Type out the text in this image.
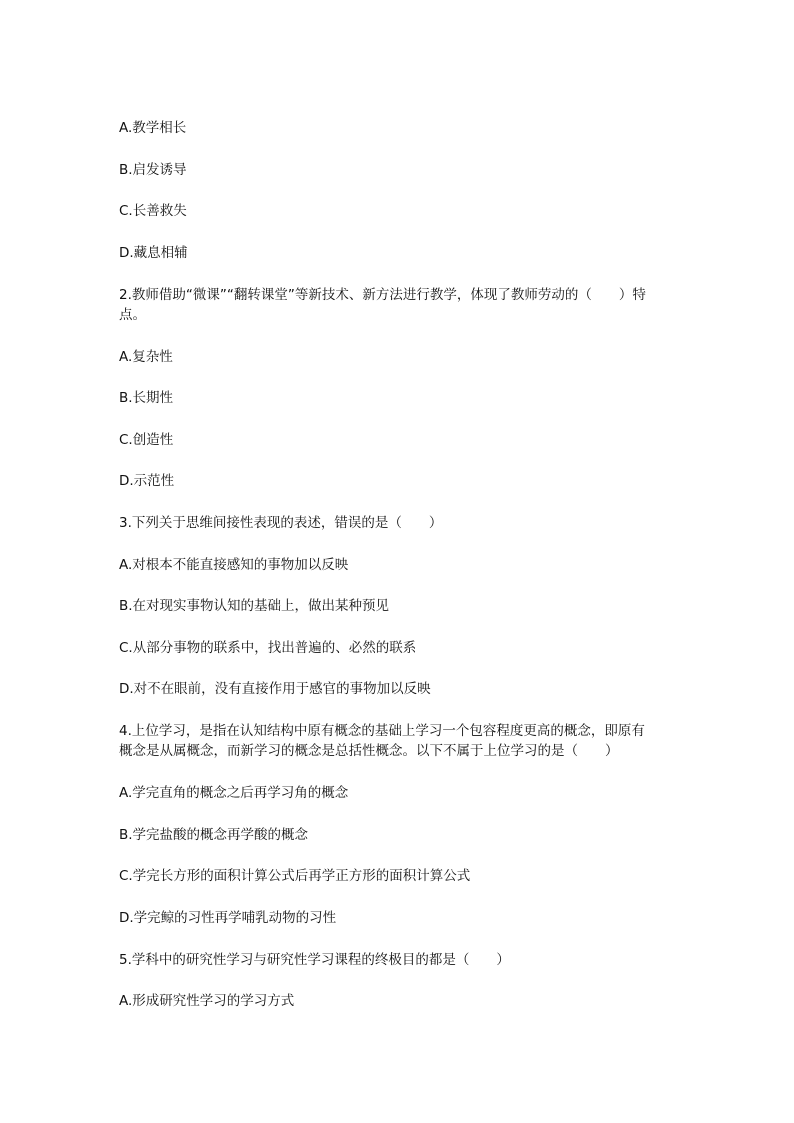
A.教学相长
B.启发诱导
C.长善救失
D.藏息相辅
2.教师借助“微课”“翻转课堂”等新技术、新方法进行教学，体现了教师劳动的（　　）特
点。
A.复杂性
B.长期性
C.创造性
D.示范性
3.下列关于思维间接性表现的表述，错误的是（　　）
A.对根本不能直接感知的事物加以反映
B.在对现实事物认知的基础上，做出某种预见
C.从部分事物的联系中，找出普遍的、必然的联系
D.对不在眼前，没有直接作用于感官的事物加以反映
4.上位学习，是指在认知结构中原有概念的基础上学习一个包容程度更高的概念，即原有
概念是从属概念，而新学习的概念是总括性概念。以下不属于上位学习的是（　　）
A.学完直角的概念之后再学习角的概念
B.学完盐酸的概念再学酸的概念
C.学完长方形的面积计算公式后再学正方形的面积计算公式
D.学完鲸的习性再学哺乳动物的习性
5.学科中的研究性学习与研究性学习课程的终极目的都是（　　）
A.形成研究性学习的学习方式
